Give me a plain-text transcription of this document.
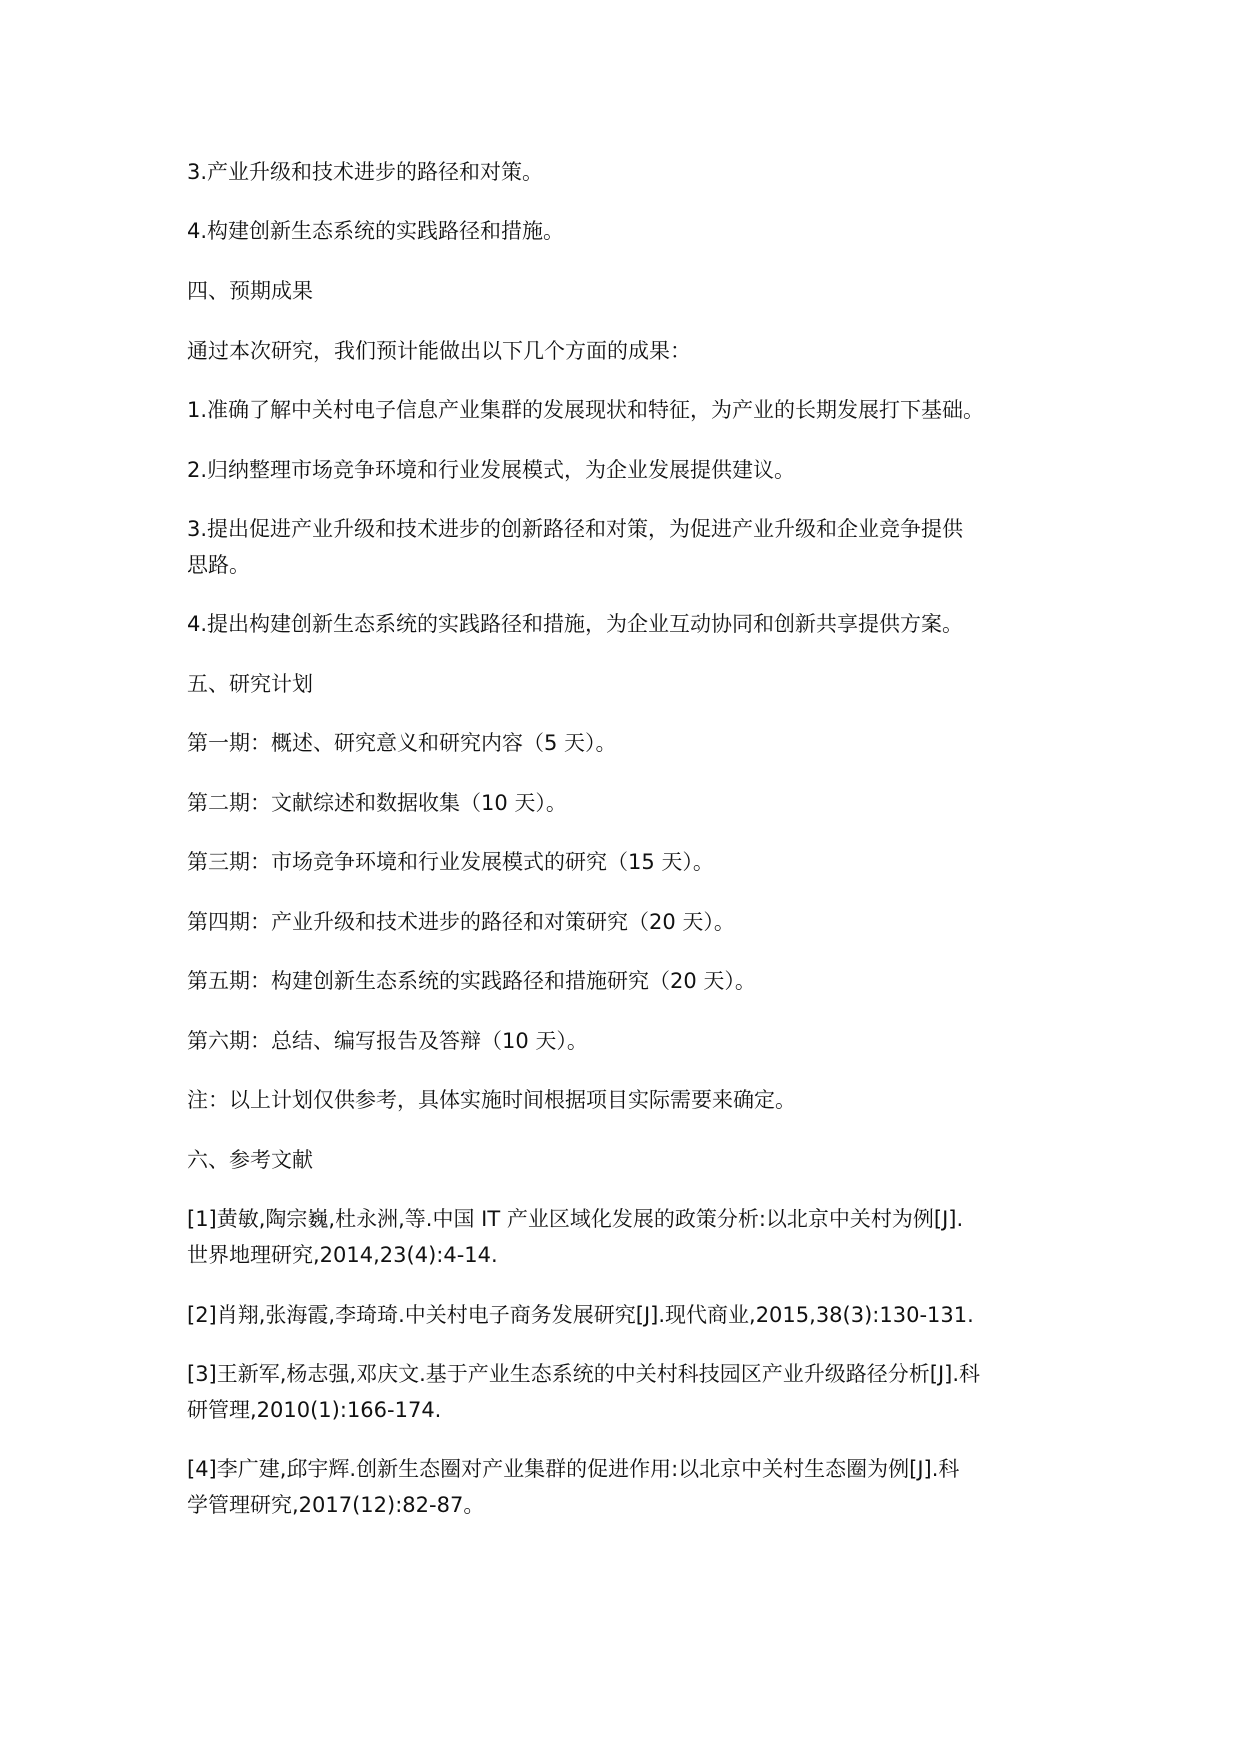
3.产业升级和技术进步的路径和对策。

4.构建创新生态系统的实践路径和措施。

四、预期成果

通过本次研究，我们预计能做出以下几个方面的成果：

1.准确了解中关村电子信息产业集群的发展现状和特征，为产业的长期发展打下基础。

2.归纳整理市场竞争环境和行业发展模式，为企业发展提供建议。

3.提出促进产业升级和技术进步的创新路径和对策，为促进产业升级和企业竞争提供

思路。

4.提出构建创新生态系统的实践路径和措施，为企业互动协同和创新共享提供方案。

五、研究计划

第一期：概述、研究意义和研究内容（5 天）。

第二期：文献综述和数据收集（10 天）。

第三期：市场竞争环境和行业发展模式的研究（15 天）。

第四期：产业升级和技术进步的路径和对策研究（20 天）。

第五期：构建创新生态系统的实践路径和措施研究（20 天）。

第六期：总结、编写报告及答辩（10 天）。

注：以上计划仅供参考，具体实施时间根据项目实际需要来确定。

六、参考文献

[1]黄敏,陶宗巍,杜永洲,等.中国 IT 产业区域化发展的政策分析:以北京中关村为例[J].

世界地理研究,2014,23(4):4-14.

[2]肖翔,张海霞,李琦琦.中关村电子商务发展研究[J].现代商业,2015,38(3):130-131.

[3]王新军,杨志强,邓庆文.基于产业生态系统的中关村科技园区产业升级路径分析[J].科

研管理,2010(1):166-174.

[4]李广建,邱宇辉.创新生态圈对产业集群的促进作用:以北京中关村生态圈为例[J].科

学管理研究,2017(12):82-87。
